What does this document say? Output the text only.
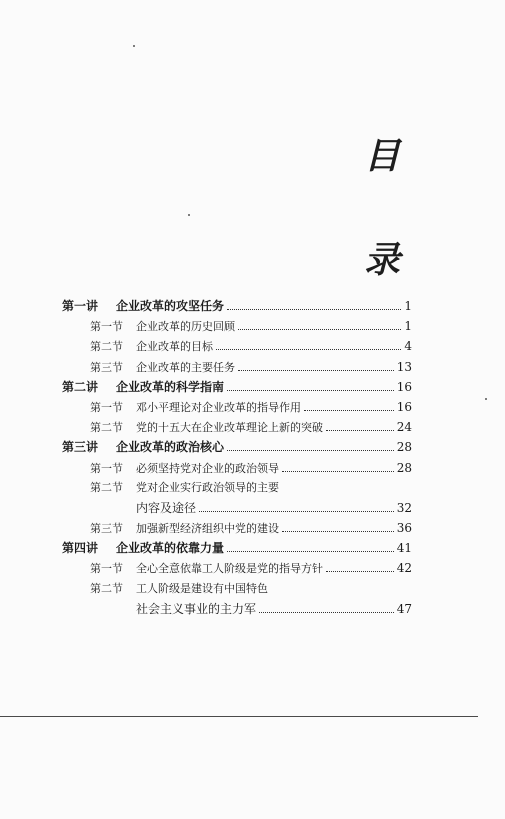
目
录
第一讲	企业改革的攻坚任务	1
第一节	企业改革的历史回顾	1
第二节	企业改革的目标	4
第三节	企业改革的主要任务	13
第二讲	企业改革的科学指南	16
第一节	邓小平理论对企业改革的指导作用	16
第二节	党的十五大在企业改革理论上新的突破	24
第三讲	企业改革的政治核心	28
第一节	必须坚持党对企业的政治领导	28
第二节	党对企业实行政治领导的主要
内容及途径	32
第三节	加强新型经济组织中党的建设	36
第四讲	企业改革的依靠力量	41
第一节	全心全意依靠工人阶级是党的指导方针	42
第二节	工人阶级是建设有中国特色
社会主义事业的主力军	47
